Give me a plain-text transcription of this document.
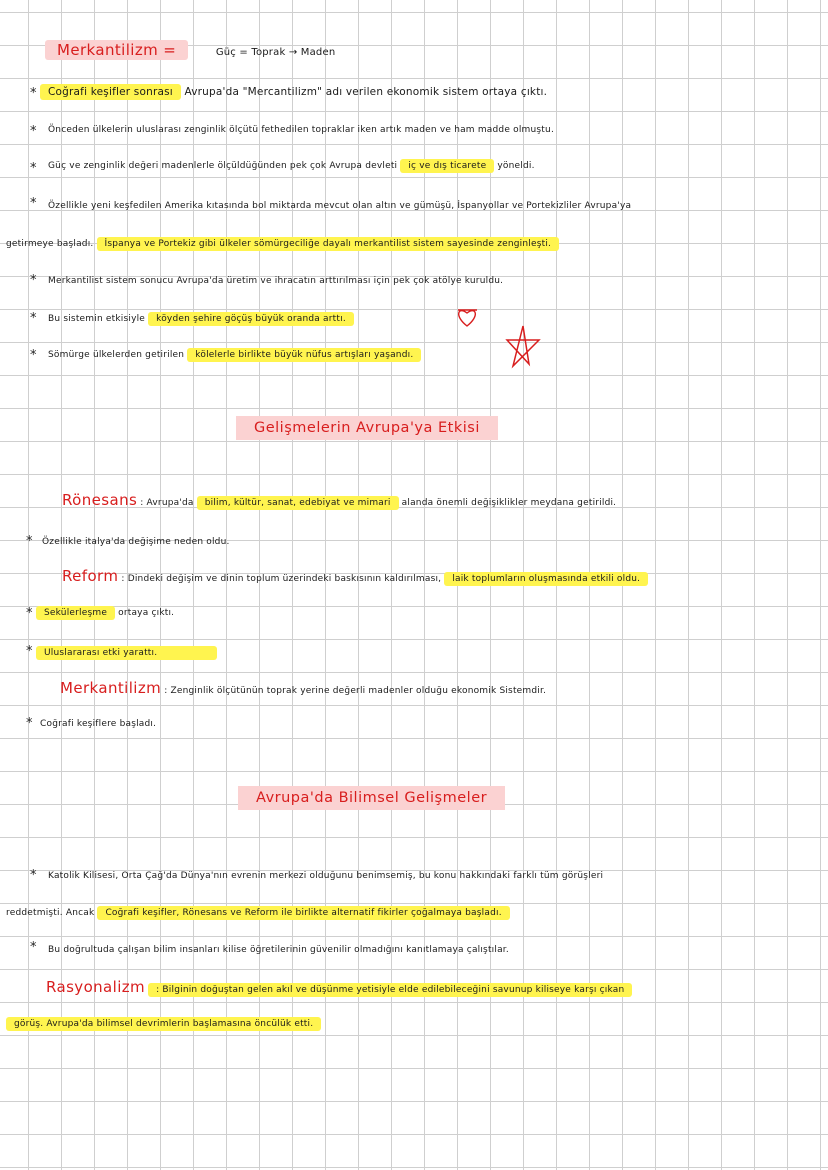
Merkantilizm =	Güç = Toprak → Maden
*	Coğrafi keşifler sonrası Avrupa'da "Mercantilizm" adı verilen ekonomik sistem ortaya çıktı.
* Önceden ülkelerin uluslarası zenginlik ölçütü fethedilen topraklar iken artık maden ve ham madde olmuştu.
* Güç ve zenginlik değeri madenlerle ölçüldüğünden pek çok Avrupa devleti iç ve dış ticarete yöneldi.
* Özellikle yeni keşfedilen Amerika kıtasında bol miktarda mevcut olan altın ve gümüşü, İspanyollar ve Portekizliler Avrupa'ya
getirmeye başladı. İspanya ve Portekiz gibi ülkeler sömürgeciliğe dayalı merkantilist sistem sayesinde zenginleşti.
* Merkantilist sistem sonucu Avrupa'da üretim ve ihracatın arttırılması için pek çok atölye kuruldu.
* Bu sistemin etkisiyle köyden şehire göçüş büyük oranda arttı.
* Sömürge ülkelerden getirilen kölelerle birlikte büyük nüfus artışları yaşandı.
Gelişmelerin Avrupa'ya Etkisi
Rönesans : Avrupa'da bilim, kültür, sanat, edebiyat ve mimari alanda önemli değişiklikler meydana getirildi.
* Özellikle italya'da değişime neden oldu.
Reform : Dindeki değişim ve dinin toplum üzerindeki baskısının kaldırılması, laik toplumların oluşmasında etkili oldu.
*	Sekülerleşme ortaya çıktı.
*	Uluslararası etki yarattı.
Merkantilizm : Zenginlik ölçütünün toprak yerine değerli madenler olduğu ekonomik Sistemdir.
* Coğrafi keşiflere başladı.
Avrupa'da Bilimsel Gelişmeler
* Katolik Kilisesi, Orta Çağ'da Dünya'nın evrenin merkezi olduğunu benimsemiş, bu konu hakkındaki farklı tüm görüşleri
reddetmişti. Ancak Coğrafi keşifler, Rönesans ve Reform ile birlikte alternatif fikirler çoğalmaya başladı.
* Bu doğrultuda çalışan bilim insanları kilise öğretilerinin güvenilir olmadığını kanıtlamaya çalıştılar.
Rasyonalizm : Bilginin doğuştan gelen akıl ve düşünme yetisiyle elde edilebileceğini savunup kiliseye karşı çıkan
görüş. Avrupa'da bilimsel devrimlerin başlamasına öncülük etti.
